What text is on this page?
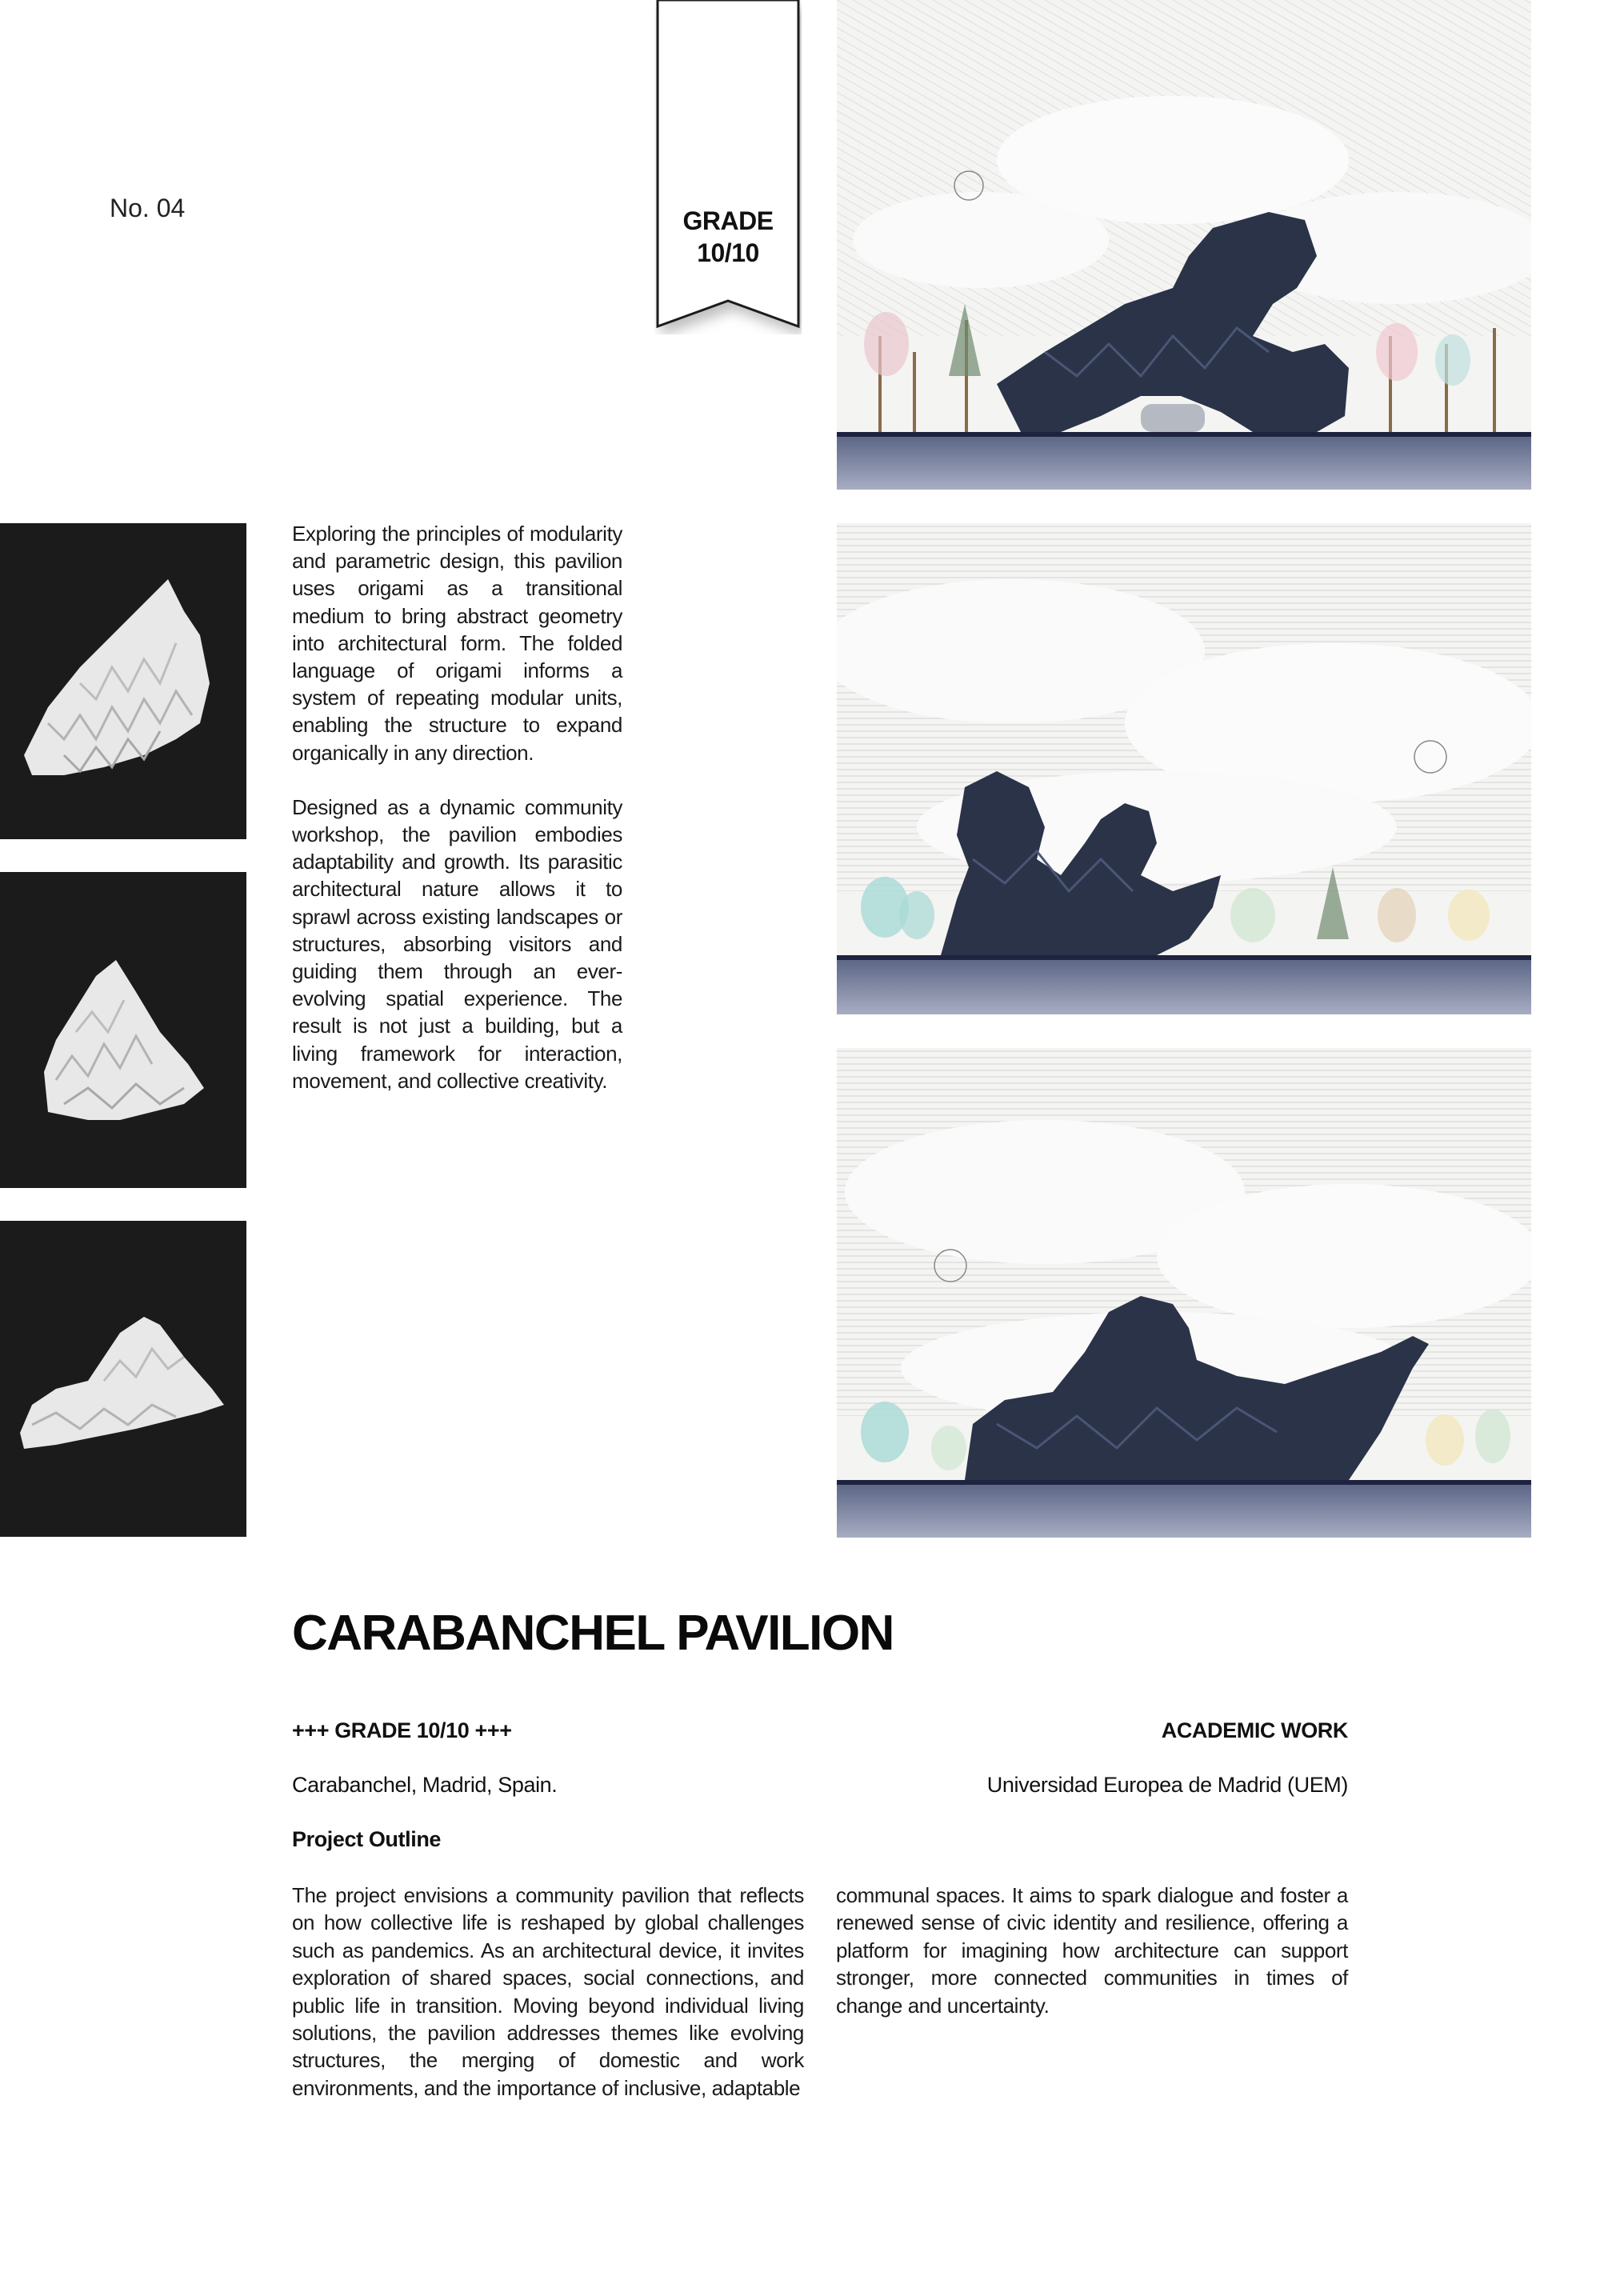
No. 04	GRADE
10/10

Exploring the principles of modularity and parametric design, this pavilion uses origami as a transitional medium to bring abstract geometry into architectural form. The folded language of origami informs a system of repeating modular units, enabling the structure to expand organically in any direction.

Designed as a dynamic community workshop, the pavilion embodies adaptability and growth. Its parasitic architectural nature allows it to sprawl across existing landscapes or structures, absorbing visitors and guiding them through an ever-evolving spatial experience. The result is not just a building, but a living framework for interaction, movement, and collective creativity.

CARABANCHEL PAVILION
+++ GRADE 10/10 +++	ACADEMIC WORK
Carabanchel, Madrid, Spain.	Universidad Europea de Madrid (UEM)
Project Outline
The project envisions a community pavilion that reflects on how collective life is reshaped by global challenges such as pandemics. As an architectural device, it invites exploration of shared spaces, social connections, and public life in transition. Moving beyond individual living solutions, the pavilion addresses themes like evolving structures, the merging of domestic and work environments, and the importance of inclusive, adaptable
communal spaces. It aims to spark dialogue and foster a renewed sense of civic identity and resilience, offering a platform for imagining how architecture can support stronger, more connected communities in times of change and uncertainty.
